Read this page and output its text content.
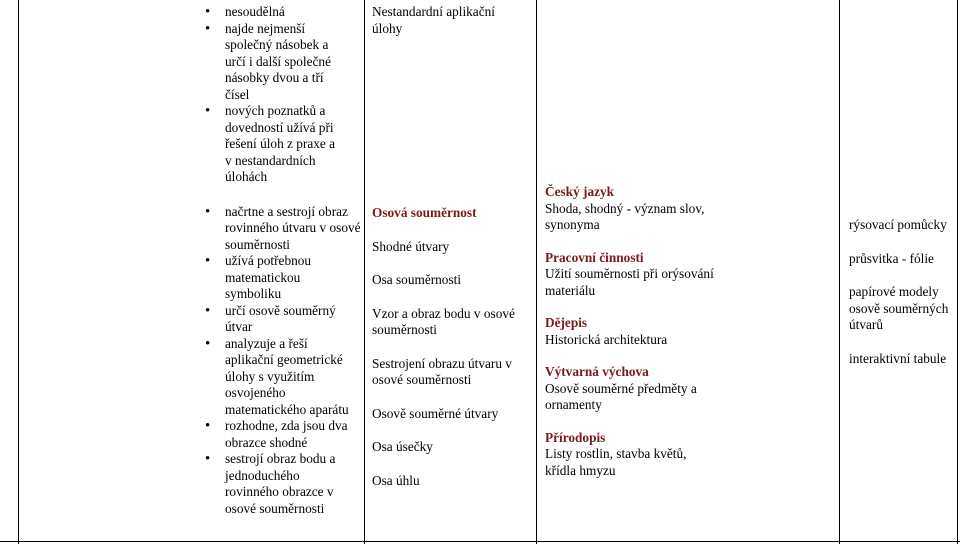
• nesoudělná
• najde nejmenší společný násobek a určí i další společné násobky dvou a tří čísel
• nových poznatků a dovedností užívá při řešení úloh z praxe a v nestandardních úlohách
• načrtne a sestrojí obraz rovinného útvaru v osové souměrnosti
• užívá potřebnou matematickou symboliku
• určí osově souměrný útvar
• analyzuje a řeší aplikační geometrické úlohy s využitím osvojeného matematického aparátu
• rozhodne, zda jsou dva obrazce shodné
• sestrojí obraz bodu a jednoduchého rovinného obrazce v osové souměrnosti

Nestandardní aplikační

úlohy

Osová souměrnost

Shodné útvary

Osa souměrnosti

Vzor a obraz bodu v osové souměrnosti

Sestrojení obrazu útvaru v osové souměrnosti

Osově souměrné útvary

Osa úsečky

Osa úhlu

Český jazyk

Shoda, shodný - význam slov, synonyma

Pracovní činnosti

Užití souměrnosti při orýsování materiálu

Dějepis

Historická architektura

Výtvarná výchova

Osově souměrné předměty a ornamenty

Přírodopis

Listy rostlin, stavba květů, křídla hmyzu

rýsovací pomůcky

průsvitka - fólie

papírové modely osově souměrných útvarů

interaktivní tabule
